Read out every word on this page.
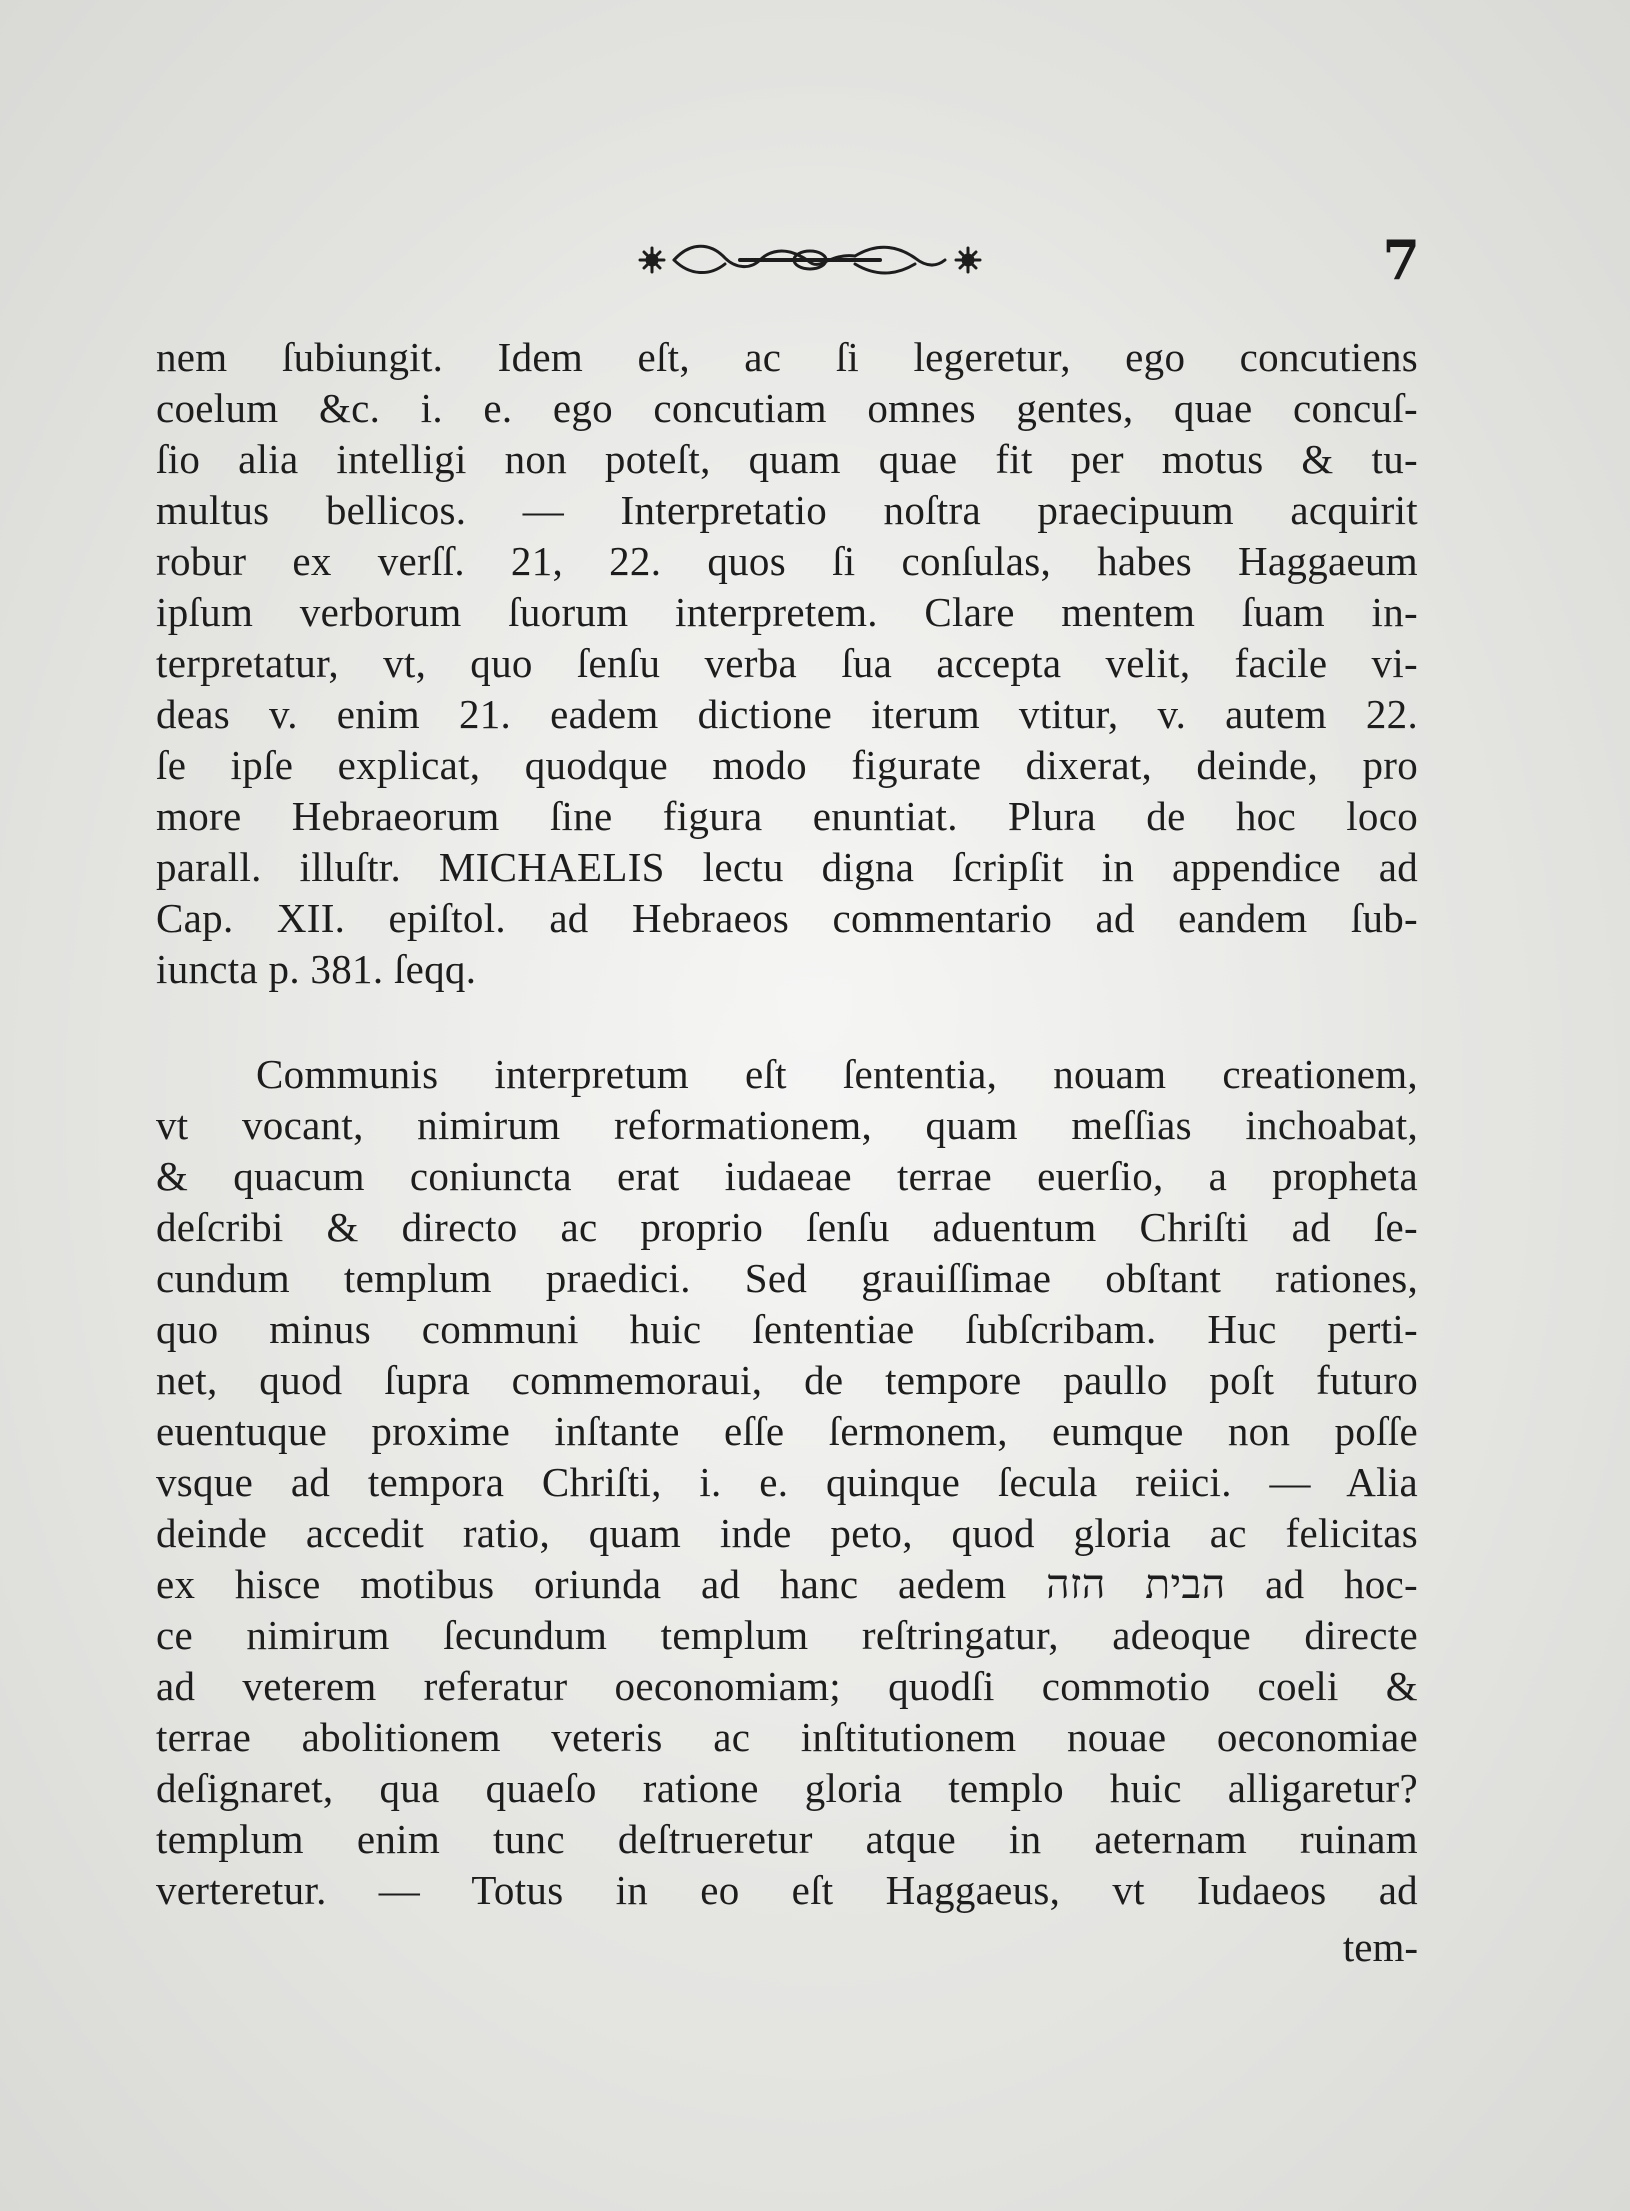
7
nem ſubiungit. Idem eſt, ac ſi legeretur, ego concutiens
coelum &c. i. e. ego concutiam omnes gentes, quae concuſ-
ſio alia intelligi non poteſt, quam quae fit per motus & tu-
multus bellicos. — Interpretatio noſtra praecipuum acquirit
robur ex verſſ. 21, 22. quos ſi conſulas, habes Haggaeum
ipſum verborum ſuorum interpretem. Clare mentem ſuam in-
terpretatur, vt, quo ſenſu verba ſua accepta velit, facile vi-
deas v. enim 21. eadem dictione iterum vtitur, v. autem 22.
ſe ipſe explicat, quodque modo figurate dixerat, deinde, pro
more Hebraeorum ſine figura enuntiat. Plura de hoc loco
parall. illuſtr. MICHAELIS lectu digna ſcripſit in appendice ad
Cap. XII. epiſtol. ad Hebraeos commentario ad eandem ſub-
iuncta p. 381. ſeqq.
Communis interpretum eſt ſententia, nouam creationem,
vt vocant, nimirum reformationem, quam meſſias inchoabat,
& quacum coniuncta erat iudaeae terrae euerſio, a propheta
deſcribi & directo ac proprio ſenſu aduentum Chriſti ad ſe-
cundum templum praedici. Sed grauiſſimae obſtant rationes,
quo minus communi huic ſententiae ſubſcribam. Huc perti-
net, quod ſupra commemoraui, de tempore paullo poſt futuro
euentuque proxime inſtante eſſe ſermonem, eumque non poſſe
vsque ad tempora Chriſti, i. e. quinque ſecula reiici. — Alia
deinde accedit ratio, quam inde peto, quod gloria ac felicitas
ex hisce motibus oriunda ad hanc aedem הבית הזה ad hoc-
ce nimirum ſecundum templum reſtringatur, adeoque directe
ad veterem referatur oeconomiam; quodſi commotio coeli &
terrae abolitionem veteris ac inſtitutionem nouae oeconomiae
deſignaret, qua quaeſo ratione gloria templo huic alligaretur?
templum enim tunc deſtrueretur atque in aeternam ruinam
verteretur. — Totus in eo eſt Haggaeus, vt Iudaeos ad
tem-
